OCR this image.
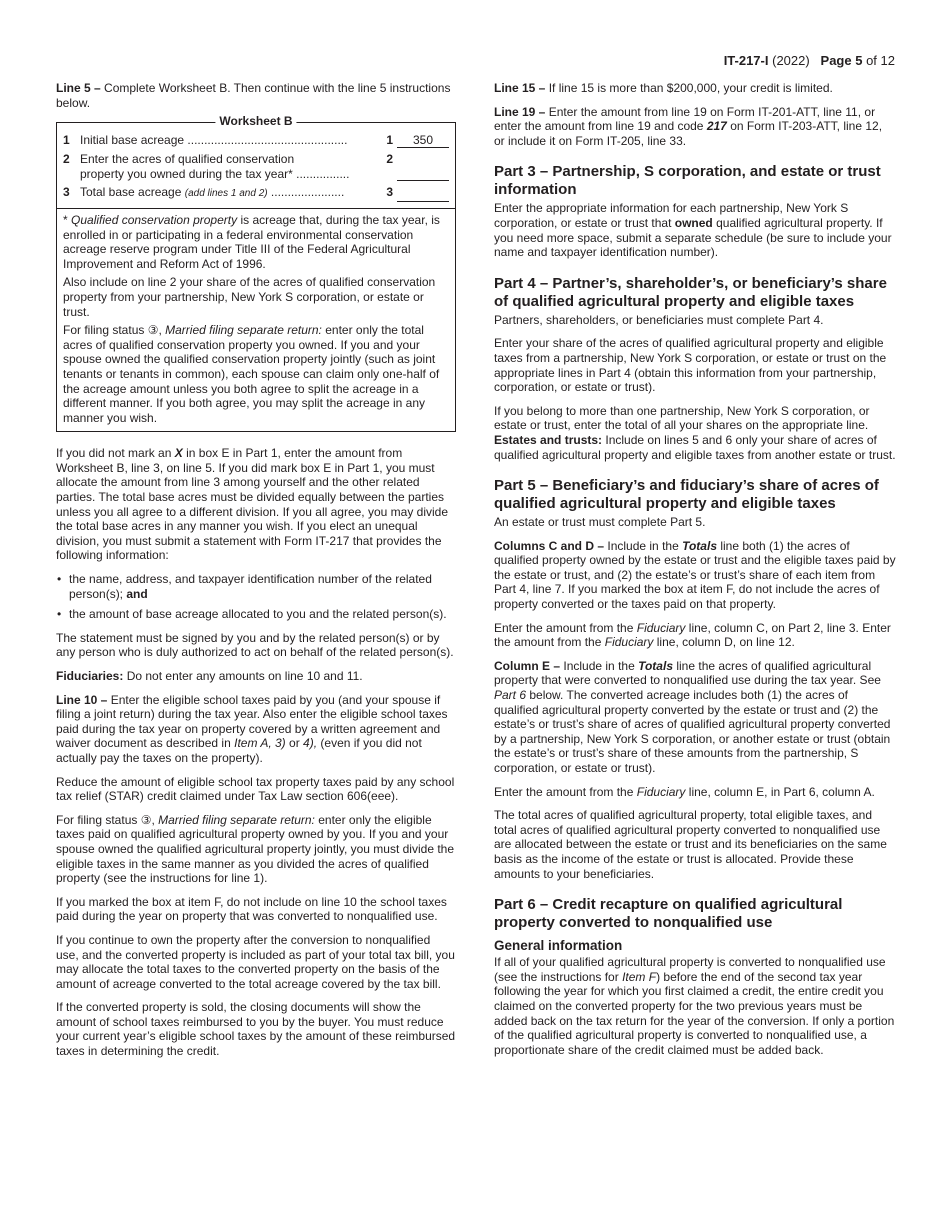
IT-217-I (2022) Page 5 of 12

Line 5 – Complete Worksheet B. Then continue with the line 5 instructions below.

Worksheet B
1 Initial base acreage ................................................	1	350
2 Enter the acres of qualified conservation
property you owned during the tax year* ................
2
3 Total base acreage (add lines 1 and 2) ......................	3

* Qualified conservation property is acreage that, during the tax year, is enrolled in or participating in a federal environmental conservation acreage reserve program under Title III of the Federal Agricultural Improvement and Reform Act of 1996.

Also include on line 2 your share of the acres of qualified conservation property from your partnership, New York S corporation, or estate or trust.

For filing status ③, Married filing separate return: enter only the total acres of qualified conservation property you owned. If you and your spouse owned the qualified conservation property jointly (such as joint tenants or tenants in common), each spouse can claim only one-half of the acreage amount unless you both agree to split the acreage in a different manner. If you both agree, you may split the acreage in any manner you wish.

If you did not mark an X in box E in Part 1, enter the amount from Worksheet B, line 3, on line 5. If you did mark box E in Part 1, you must allocate the amount from line 3 among yourself and the other related parties. The total base acres must be divided equally between the parties unless you all agree to a different division. If you all agree, you may divide the total base acres in any manner you wish. If you elect an unequal division, you must submit a statement with Form IT-217 that provides the following information:

• the name, address, and taxpayer identification number of the related person(s); and
• the amount of base acreage allocated to you and the related person(s).

The statement must be signed by you and by the related person(s) or by any person who is duly authorized to act on behalf of the related person(s).

Fiduciaries: Do not enter any amounts on line 10 and 11.

Line 10 – Enter the eligible school taxes paid by you (and your spouse if filing a joint return) during the tax year. Also enter the eligible school taxes paid during the tax year on property covered by a written agreement and waiver document as described in Item A, 3) or 4), (even if you did not actually pay the taxes on the property).

Reduce the amount of eligible school tax property taxes paid by any school tax relief (STAR) credit claimed under Tax Law section 606(eee).

For filing status ③, Married filing separate return: enter only the eligible taxes paid on qualified agricultural property owned by you. If you and your spouse owned the qualified agricultural property jointly, you must divide the eligible taxes in the same manner as you divided the acres of qualified property (see the instructions for line 1).

If you marked the box at item F, do not include on line 10 the school taxes paid during the year on property that was converted to nonqualified use.

If you continue to own the property after the conversion to nonqualified use, and the converted property is included as part of your total tax bill, you may allocate the total taxes to the converted property on the basis of the amount of acreage converted to the total acreage covered by the tax bill.

If the converted property is sold, the closing documents will show the amount of school taxes reimbursed to you by the buyer. You must reduce your current year’s eligible school taxes by the amount of these reimbursed taxes in determining the credit.

Line 15 – If line 15 is more than $200,000, your credit is limited.

Line 19 – Enter the amount from line 19 on Form IT-201-ATT, line 11, or enter the amount from line 19 and code 217 on Form IT-203-ATT, line 12, or include it on Form IT-205, line 33.

Part 3 – Partnership, S corporation, and estate or trust information

Enter the appropriate information for each partnership, New York S corporation, or estate or trust that owned qualified agricultural property. If you need more space, submit a separate schedule (be sure to include your name and taxpayer identification number).

Part 4 – Partner’s, shareholder’s, or beneficiary’s share of qualified agricultural property and eligible taxes

Partners, shareholders, or beneficiaries must complete Part 4.

Enter your share of the acres of qualified agricultural property and eligible taxes from a partnership, New York S corporation, or estate or trust on the appropriate lines in Part 4 (obtain this information from your partnership, corporation, or estate or trust).

If you belong to more than one partnership, New York S corporation, or estate or trust, enter the total of all your shares on the appropriate line. Estates and trusts: Include on lines 5 and 6 only your share of acres of qualified agricultural property and eligible taxes from another estate or trust.

Part 5 – Beneficiary’s and fiduciary’s share of acres of qualified agricultural property and eligible taxes

An estate or trust must complete Part 5.

Columns C and D – Include in the Totals line both (1) the acres of qualified property owned by the estate or trust and the eligible taxes paid by the estate or trust, and (2) the estate’s or trust’s share of each item from Part 4, line 7. If you marked the box at item F, do not include the acres of property converted or the taxes paid on that property.

Enter the amount from the Fiduciary line, column C, on Part 2, line 3. Enter the amount from the Fiduciary line, column D, on line 12.

Column E – Include in the Totals line the acres of qualified agricultural property that were converted to nonqualified use during the tax year. See Part 6 below. The converted acreage includes both (1) the acres of qualified agricultural property converted by the estate or trust and (2) the estate’s or trust’s share of acres of qualified agricultural property converted by a partnership, New York S corporation, or another estate or trust (obtain the estate’s or trust’s share of these amounts from the partnership, S corporation, or estate or trust).

Enter the amount from the Fiduciary line, column E, in Part 6, column A.

The total acres of qualified agricultural property, total eligible taxes, and total acres of qualified agricultural property converted to nonqualified use are allocated between the estate or trust and its beneficiaries on the same basis as the income of the estate or trust is allocated. Provide these amounts to your beneficiaries.

Part 6 – Credit recapture on qualified agricultural property converted to nonqualified use
General information

If all of your qualified agricultural property is converted to nonqualified use (see the instructions for Item F) before the end of the second tax year following the year for which you first claimed a credit, the entire credit you claimed on the converted property for the two previous years must be added back on the tax return for the year of the conversion. If only a portion of the qualified agricultural property is converted to nonqualified use, a proportionate share of the credit claimed must be added back.
